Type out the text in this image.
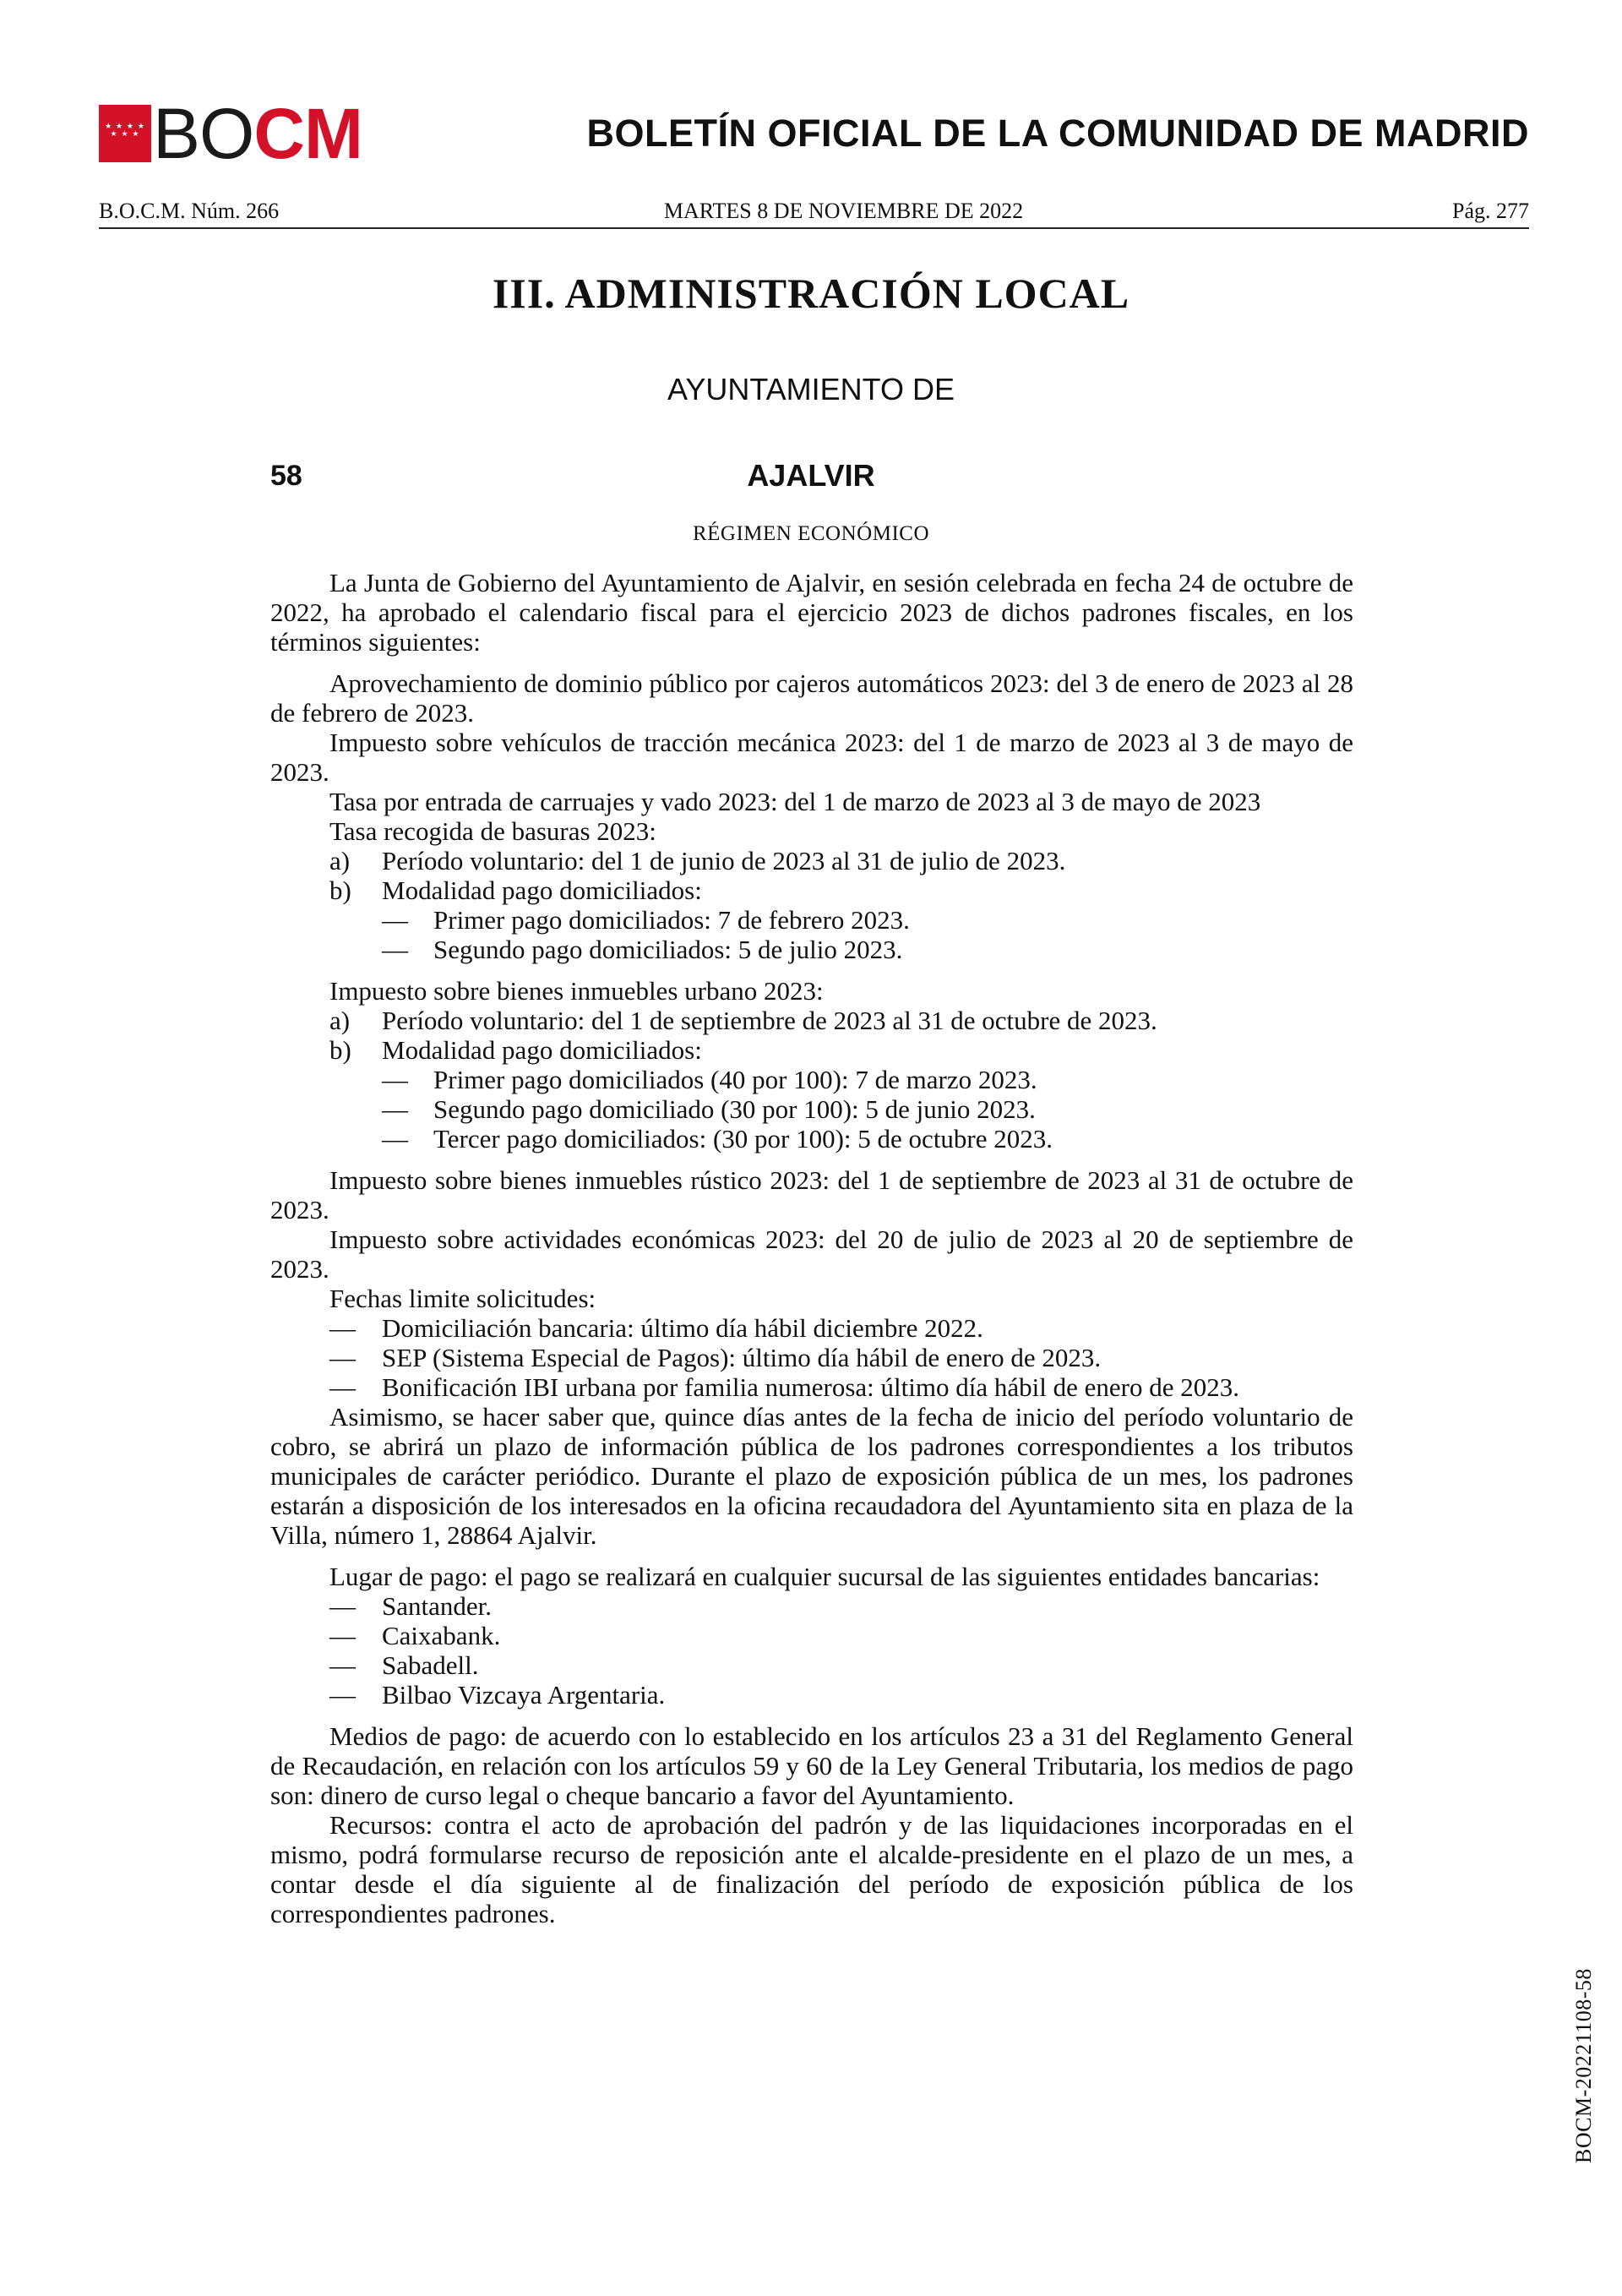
★ ★ ★ ★
★ ★ ★ BOCM	BOLETÍN OFICIAL DE LA COMUNIDAD DE MADRID
B.O.C.M. Núm. 266	MARTES 8 DE NOVIEMBRE DE 2022	Pág. 277
III. ADMINISTRACIÓN LOCAL
AYUNTAMIENTO DE
58	AJALVIR
RÉGIMEN ECONÓMICO

La Junta de Gobierno del Ayuntamiento de Ajalvir, en sesión celebrada en fecha 24 de octubre de 2022, ha aprobado el calendario fiscal para el ejercicio 2023 de dichos padrones fiscales, en los términos siguientes:

Aprovechamiento de dominio público por cajeros automáticos 2023: del 3 de enero de 2023 al 28 de febrero de 2023.

Impuesto sobre vehículos de tracción mecánica 2023: del 1 de marzo de 2023 al 3 de mayo de 2023.

Tasa por entrada de carruajes y vado 2023: del 1 de marzo de 2023 al 3 de mayo de 2023

Tasa recogida de basuras 2023:

a) Período voluntario: del 1 de junio de 2023 al 31 de julio de 2023.

b) Modalidad pago domiciliados:

— Primer pago domiciliados: 7 de febrero 2023.

— Segundo pago domiciliados: 5 de julio 2023.

Impuesto sobre bienes inmuebles urbano 2023:

a) Período voluntario: del 1 de septiembre de 2023 al 31 de octubre de 2023.

b) Modalidad pago domiciliados:

— Primer pago domiciliados (40 por 100): 7 de marzo 2023.

— Segundo pago domiciliado (30 por 100): 5 de junio 2023.

— Tercer pago domiciliados: (30 por 100): 5 de octubre 2023.

Impuesto sobre bienes inmuebles rústico 2023: del 1 de septiembre de 2023 al 31 de octubre de 2023.

Impuesto sobre actividades económicas 2023: del 20 de julio de 2023 al 20 de septiembre de 2023.

Fechas limite solicitudes:

— Domiciliación bancaria: último día hábil diciembre 2022.

— SEP (Sistema Especial de Pagos): último día hábil de enero de 2023.

— Bonificación IBI urbana por familia numerosa: último día hábil de enero de 2023.

Asimismo, se hacer saber que, quince días antes de la fecha de inicio del período voluntario de cobro, se abrirá un plazo de información pública de los padrones correspondientes a los tributos municipales de carácter periódico. Durante el plazo de exposición pública de un mes, los padrones estarán a disposición de los interesados en la oficina recaudadora del Ayuntamiento sita en plaza de la Villa, número 1, 28864 Ajalvir.

Lugar de pago: el pago se realizará en cualquier sucursal de las siguientes entidades bancarias:

— Santander.

— Caixabank.

— Sabadell.

— Bilbao Vizcaya Argentaria.

Medios de pago: de acuerdo con lo establecido en los artículos 23 a 31 del Reglamento General de Recaudación, en relación con los artículos 59 y 60 de la Ley General Tributaria, los medios de pago son: dinero de curso legal o cheque bancario a favor del Ayuntamiento.

Recursos: contra el acto de aprobación del padrón y de las liquidaciones incorporadas en el mismo, podrá formularse recurso de reposición ante el alcalde-presidente en el plazo de un mes, a contar desde el día siguiente al de finalización del período de exposición pública de los correspondientes padrones.

BOCM-20221108-58
